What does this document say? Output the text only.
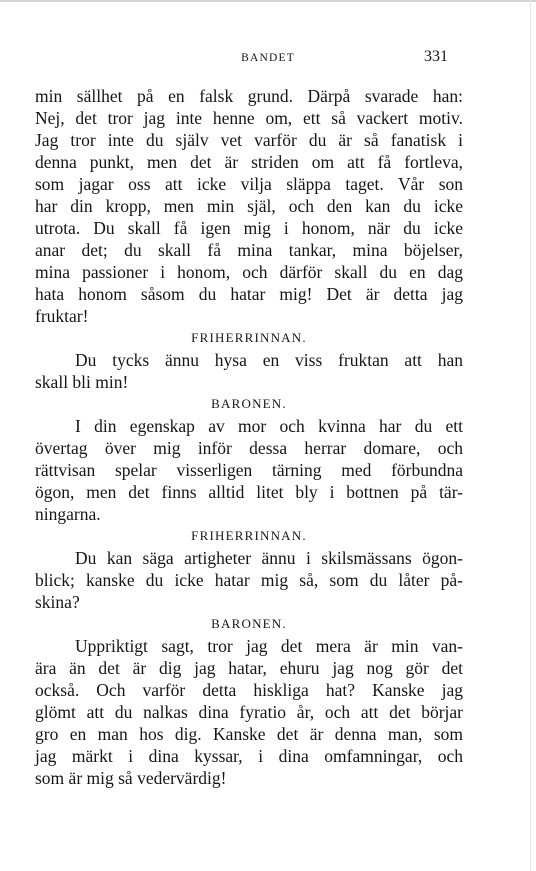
BANDET	331
min sällhet på en falsk grund. Därpå svarade han:
Nej, det tror jag inte henne om, ett så vackert motiv.
Jag tror inte du själv vet varför du är så fanatisk i
denna punkt, men det är striden om att få fortleva,
som jagar oss att icke vilja släppa taget. Vår son
har din kropp, men min själ, och den kan du icke
utrota. Du skall få igen mig i honom, när du icke
anar det; du skall få mina tankar, mina böjelser,
mina passioner i honom, och därför skall du en dag
hata honom såsom du hatar mig! Det är detta jag
fruktar!
FRIHERRINNAN.
Du tycks ännu hysa en viss fruktan att han
skall bli min!
BARONEN.
I din egenskap av mor och kvinna har du ett
övertag över mig inför dessa herrar domare, och
rättvisan spelar visserligen tärning med förbundna
ögon, men det finns alltid litet bly i bottnen på tär-
ningarna.
FRIHERRINNAN.
Du kan säga artigheter ännu i skilsmässans ögon-
blick; kanske du icke hatar mig så, som du låter på-
skina?
BARONEN.
Uppriktigt sagt, tror jag det mera är min van-
ära än det är dig jag hatar, ehuru jag nog gör det
också. Och varför detta hiskliga hat? Kanske jag
glömt att du nalkas dina fyratio år, och att det börjar
gro en man hos dig. Kanske det är denna man, som
jag märkt i dina kyssar, i dina omfamningar, och
som är mig så vedervärdig!
